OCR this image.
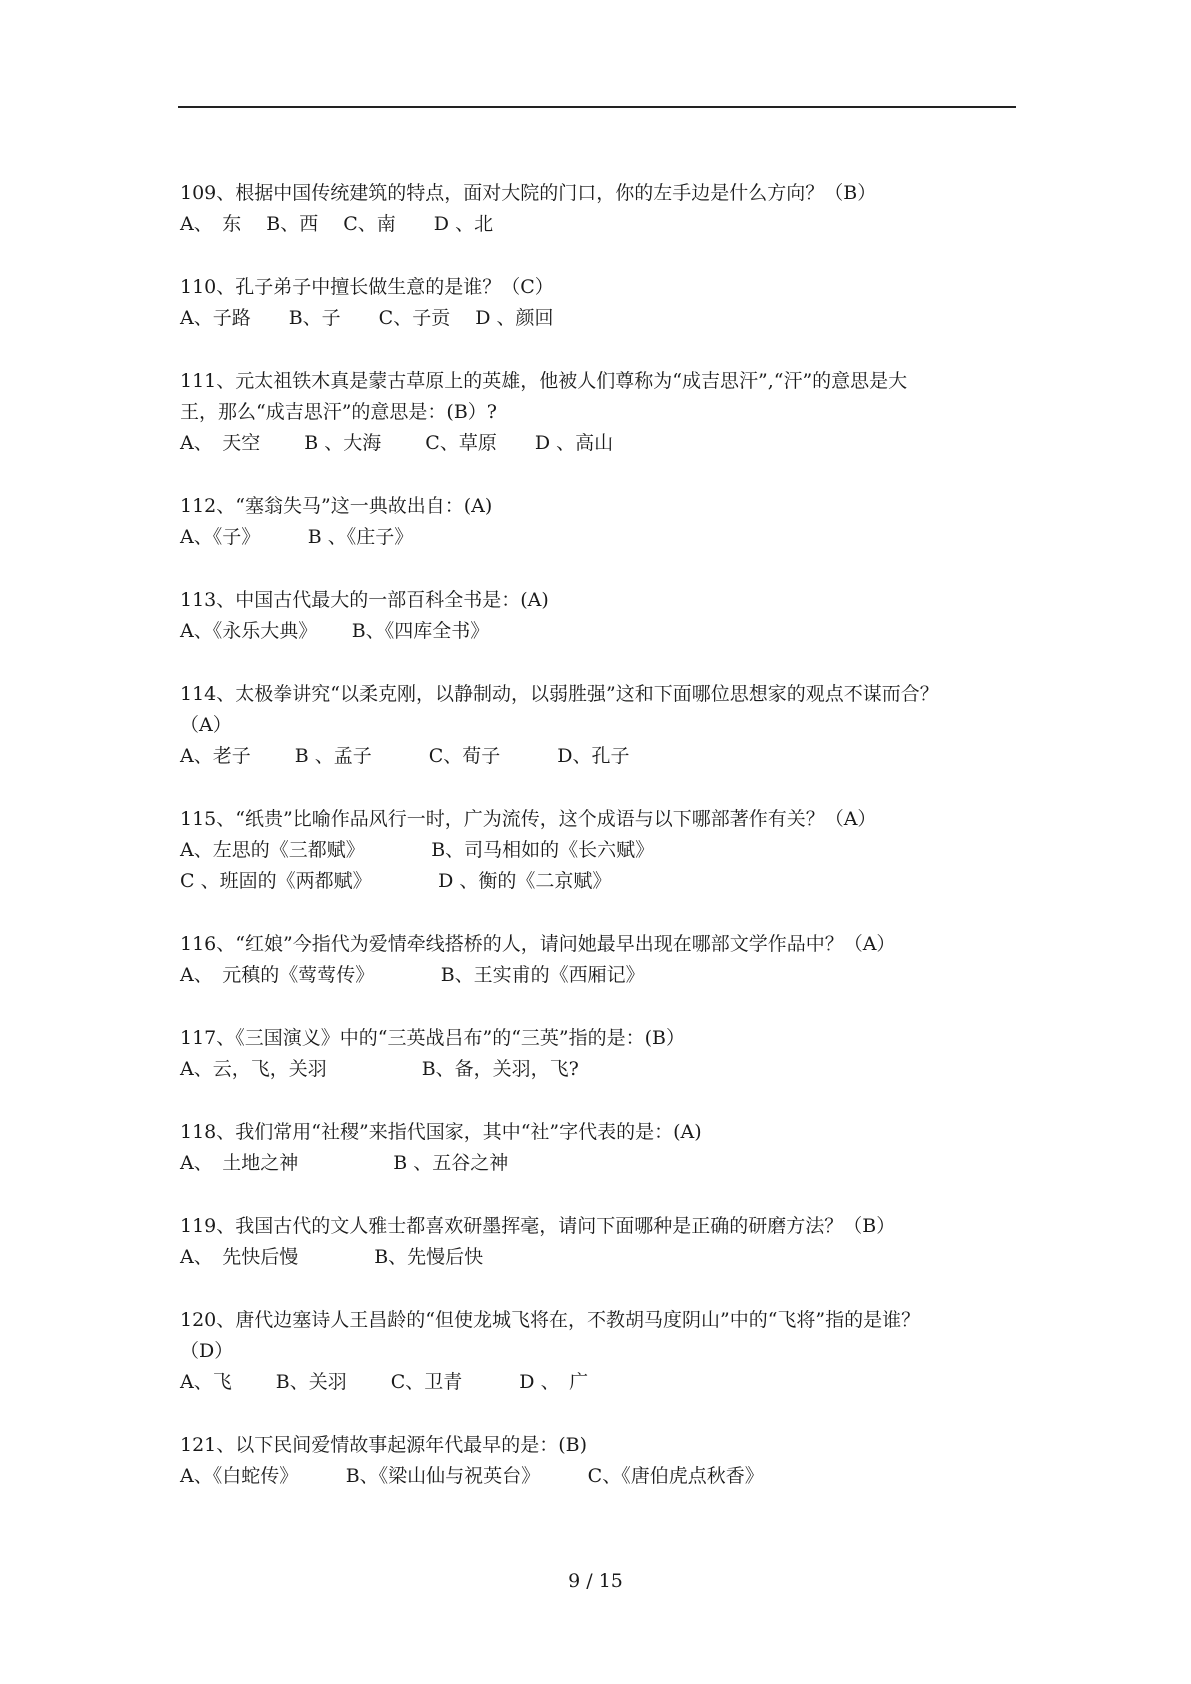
109、根据中国传统建筑的特点，面对大院的门口，你的左手边是什么方向？（B）
A、　东　 B、西　 C、南　　D 、北
110、孔子弟子中擅长做生意的是谁？（C）
A、子路　　B、子　　C、子贡　 D 、颜回
111、元太祖铁木真是蒙古草原上的英雄，他被人们尊称为“成吉思汗”,“汗”的意思是大
王，那么“成吉思汗”的意思是：(B）?
A、　天空　　 B 、大海　　 C、草原　　D 、高山
112、“塞翁失马”这一典故出自：(A)
A、《子》　　　B 、《庄子》
113、中国古代最大的一部百科全书是：(A)
A、《永乐大典》　　 B、《四库全书》
114、太极拳讲究“以柔克刚，以静制动，以弱胜强”这和下面哪位思想家的观点不谋而合？
（A）
A、老子　　 B 、孟子　　　C、荀子　　　D、孔子
115、“纸贵”比喻作品风行一时，广为流传，这个成语与以下哪部著作有关？（A）
A、左思的《三都赋》　　　　B、司马相如的《长六赋》
C 、班固的《两都赋》　　　　D 、衡的《二京赋》
116、“红娘”今指代为爱情牵线搭桥的人，请问她最早出现在哪部文学作品中？（A）
A、　元稹的《莺莺传》　　　　B、王实甫的《西厢记》
117、《三国演义》中的“三英战吕布”的“三英”指的是：(B）
A、云，飞，关羽　　　　　B、备，关羽，飞?
118、我们常用“社稷”来指代国家，其中“社”字代表的是：(A)
A、　土地之神　　　　　B 、五谷之神
119、我国古代的文人雅士都喜欢研墨挥毫，请问下面哪种是正确的研磨方法？（B）
A、　先快后慢　　　　B、先慢后快
120、唐代边塞诗人王昌龄的“但使龙城飞将在，不教胡马度阴山”中的“飞将”指的是谁？
（D）
A、飞　　 B、关羽　　 C、卫青　　　D 、　广
121、以下民间爱情故事起源年代最早的是：(B)
A、《白蛇传》　　　B、《梁山仙与祝英台》　　　C、《唐伯虎点秋香》
9 / 15
